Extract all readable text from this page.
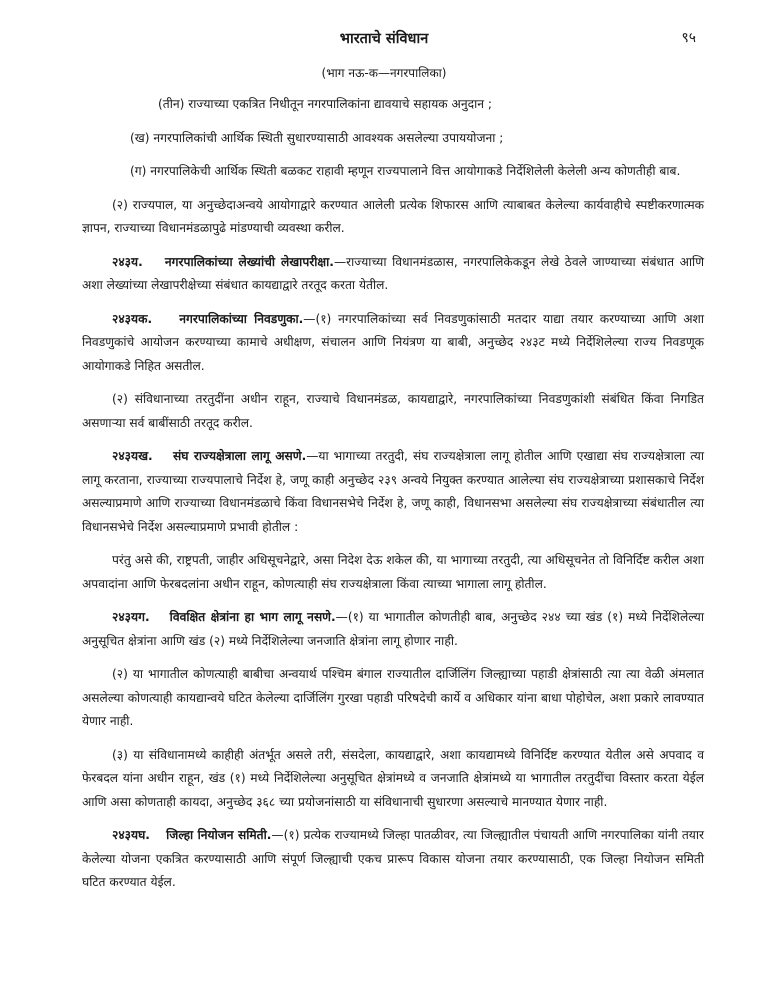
भारताचे संविधान	९५
(भाग नऊ-क—नगरपालिका)

(तीन) राज्याच्या एकत्रित निधीतून नगरपालिकांना द्यावयाचे सहायक अनुदान ;

(ख) नगरपालिकांची आर्थिक स्थिती सुधारण्यासाठी आवश्यक असलेल्या उपाययोजना ;

(ग) नगरपालिकेची आर्थिक स्थिती बळकट राहावी म्हणून राज्यपालाने वित्त आयोगाकडे निर्देशिलेली केलेली अन्य कोणतीही बाब.

(२) राज्यपाल, या अनुच्छेदाअन्वये आयोगाद्वारे करण्यात आलेली प्रत्येक शिफारस आणि त्याबाबत केलेल्या कार्यवाहीचे स्पष्टीकरणात्मक ज्ञापन, राज्याच्या विधानमंडळापुढे मांडण्याची व्यवस्था करील.

२४३य. नगरपालिकांच्या लेख्यांची लेखापरीक्षा.—राज्याच्या विधानमंडळास, नगरपालिकेकडून लेखे ठेवले जाण्याच्या संबंधात आणि अशा लेख्यांच्या लेखापरीक्षेच्या संबंधात कायद्याद्वारे तरतूद करता येतील.

२४३यक. नगरपालिकांच्या निवडणुका.—(१) नगरपालिकांच्या सर्व निवडणुकांसाठी मतदार याद्या तयार करण्याच्या आणि अशा निवडणुकांचे आयोजन करण्याच्या कामाचे अधीक्षण, संचालन आणि नियंत्रण या बाबी, अनुच्छेद २४३ट मध्ये निर्देशिलेल्या राज्य निवडणूक आयोगाकडे निहित असतील.

(२) संविधानाच्या तरतुदींना अधीन राहून, राज्याचे विधानमंडळ, कायद्याद्वारे, नगरपालिकांच्या निवडणुकांशी संबंधित किंवा निगडित असणाऱ्या सर्व बाबींसाठी तरतूद करील.

२४३यख. संघ राज्यक्षेत्राला लागू असणे.—या भागाच्या तरतुदी, संघ राज्यक्षेत्राला लागू होतील आणि एखाद्या संघ राज्यक्षेत्राला त्या लागू करताना, राज्याच्या राज्यपालाचे निर्देश हे, जणू काही अनुच्छेद २३९ अन्वये नियुक्त करण्यात आलेल्या संघ राज्यक्षेत्राच्या प्रशासकाचे निर्देश असल्याप्रमाणे आणि राज्याच्या विधानमंडळाचे किंवा विधानसभेचे निर्देश हे, जणू काही, विधानसभा असलेल्या संघ राज्यक्षेत्राच्या संबंधातील त्या विधानसभेचे निर्देश असल्याप्रमाणे प्रभावी होतील :

परंतु असे की, राष्ट्रपती, जाहीर अधिसूचनेद्वारे, असा निदेश देऊ शकेल की, या भागाच्या तरतुदी, त्या अधिसूचनेत तो विनिर्दिष्ट करील अशा अपवादांना आणि फेरबदलांना अधीन राहून, कोणत्याही संघ राज्यक्षेत्राला किंवा त्याच्या भागाला लागू होतील.

२४३यग. विवक्षित क्षेत्रांना हा भाग लागू नसणे.—(१) या भागातील कोणतीही बाब, अनुच्छेद २४४ च्या खंड (१) मध्ये निर्देशिलेल्या अनुसूचित क्षेत्रांना आणि खंड (२) मध्ये निर्देशिलेल्या जनजाति क्षेत्रांना लागू होणार नाही.

(२) या भागातील कोणत्याही बाबीचा अन्वयार्थ पश्चिम बंगाल राज्यातील दार्जिलिंग जिल्ह्याच्या पहाडी क्षेत्रांसाठी त्या त्या वेळी अंमलात असलेल्या कोणत्याही कायद्यान्वये घटित केलेल्या दार्जिलिंग गुरखा पहाडी परिषदेची कार्ये व अधिकार यांना बाधा पोहोचेल, अशा प्रकारे लावण्यात येणार नाही.

(३) या संविधानामध्ये काहीही अंतर्भूत असले तरी, संसदेला, कायद्याद्वारे, अशा कायद्यामध्ये विनिर्दिष्ट करण्यात येतील असे अपवाद व फेरबदल यांना अधीन राहून, खंड (१) मध्ये निर्देशिलेल्या अनुसूचित क्षेत्रांमध्ये व जनजाति क्षेत्रांमध्ये या भागातील तरतुदींचा विस्तार करता येईल आणि असा कोणताही कायदा, अनुच्छेद ३६८ च्या प्रयोजनांसाठी या संविधानाची सुधारणा असल्याचे मानण्यात येणार नाही.

२४३यघ. जिल्हा नियोजन समिती.—(१) प्रत्येक राज्यामध्ये जिल्हा पातळीवर, त्या जिल्ह्यातील पंचायती आणि नगरपालिका यांनी तयार केलेल्या योजना एकत्रित करण्यासाठी आणि संपूर्ण जिल्ह्याची एकच प्रारूप विकास योजना तयार करण्यासाठी, एक जिल्हा नियोजन समिती घटित करण्यात येईल.
